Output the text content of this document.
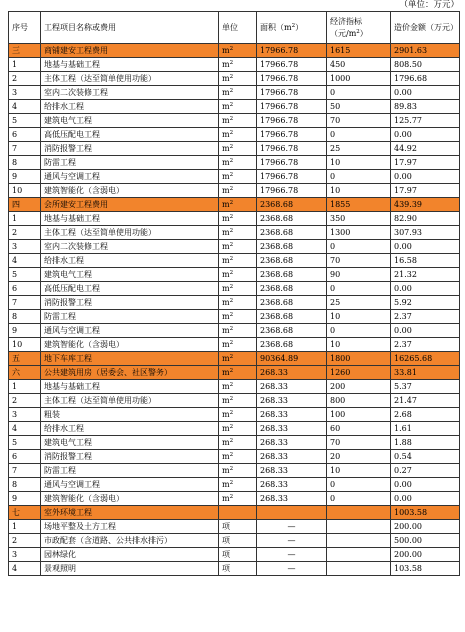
（单位：万元）
序号	工程项目名称或费用	单位	面积$(m^2)$	经济指标（元$/m^2$）	造价金额（万元）
三	商铺建安工程费用	$m^2$	17966.78	1615	2901.63
1	地基与基础工程	$m^2$	17966.78	450	808.50
2	主体工程（达至简单使用功能）	$m^2$	17966.78	1000	1796.68
3	室内二次装修工程	$m^2$	17966.78	0	0.00
4	给排水工程	$m^2$	17966.78	50	89.83
5	建筑电气工程	$m^2$	17966.78	70	125.77
6	高低压配电工程	$m^2$	17966.78	0	0.00
7	消防报警工程	$m^2$	17966.78	25	44.92
8	防雷工程	$m^2$	17966.78	10	17.97
9	通风与空调工程	$m^2$	17966.78	0	0.00
10	建筑智能化（含弱电）	$m^2$	17966.78	10	17.97
四	会所建安工程费用	$m^2$	2368.68	1855	439.39
1	地基与基础工程	$m^2$	2368.68	350	82.90
2	主体工程（达至简单使用功能）	$m^2$	2368.68	1300	307.93
3	室内二次装修工程	$m^2$	2368.68	0	0.00
4	给排水工程	$m^2$	2368.68	70	16.58
5	建筑电气工程	$m^2$	2368.68	90	21.32
6	高低压配电工程	$m^2$	2368.68	0	0.00
7	消防报警工程	$m^2$	2368.68	25	5.92
8	防雷工程	$m^2$	2368.68	10	2.37
9	通风与空调工程	$m^2$	2368.68	0	0.00
10	建筑智能化（含弱电）	$m^2$	2368.68	10	2.37
五	地下车库工程	$m^2$	90364.89	1800	16265.68
六	公共建筑用房（居委会、社区警务）	$m^2$	268.33	1260	33.81
1	地基与基础工程	$m^2$	268.33	200	5.37
2	主体工程（达至简单使用功能）	$m^2$	268.33	800	21.47
3	粗装	$m^2$	268.33	100	2.68
4	给排水工程	$m^2$	268.33	60	1.61
5	建筑电气工程	$m^2$	268.33	70	1.88
6	消防报警工程	$m^2$	268.33	20	0.54
7	防雷工程	$m^2$	268.33	10	0.27
8	通风与空调工程	$m^2$	268.33	0	0.00
9	建筑智能化（含弱电）	$m^2$	268.33	0	0.00
七	室外环境工程				1003.58
1	场地平整及土方工程	项	—		200.00
2	市政配套（含道路、公共排水排污）	项	—		500.00
3	园林绿化	项	—		200.00
4	景观照明	项	—		103.58
